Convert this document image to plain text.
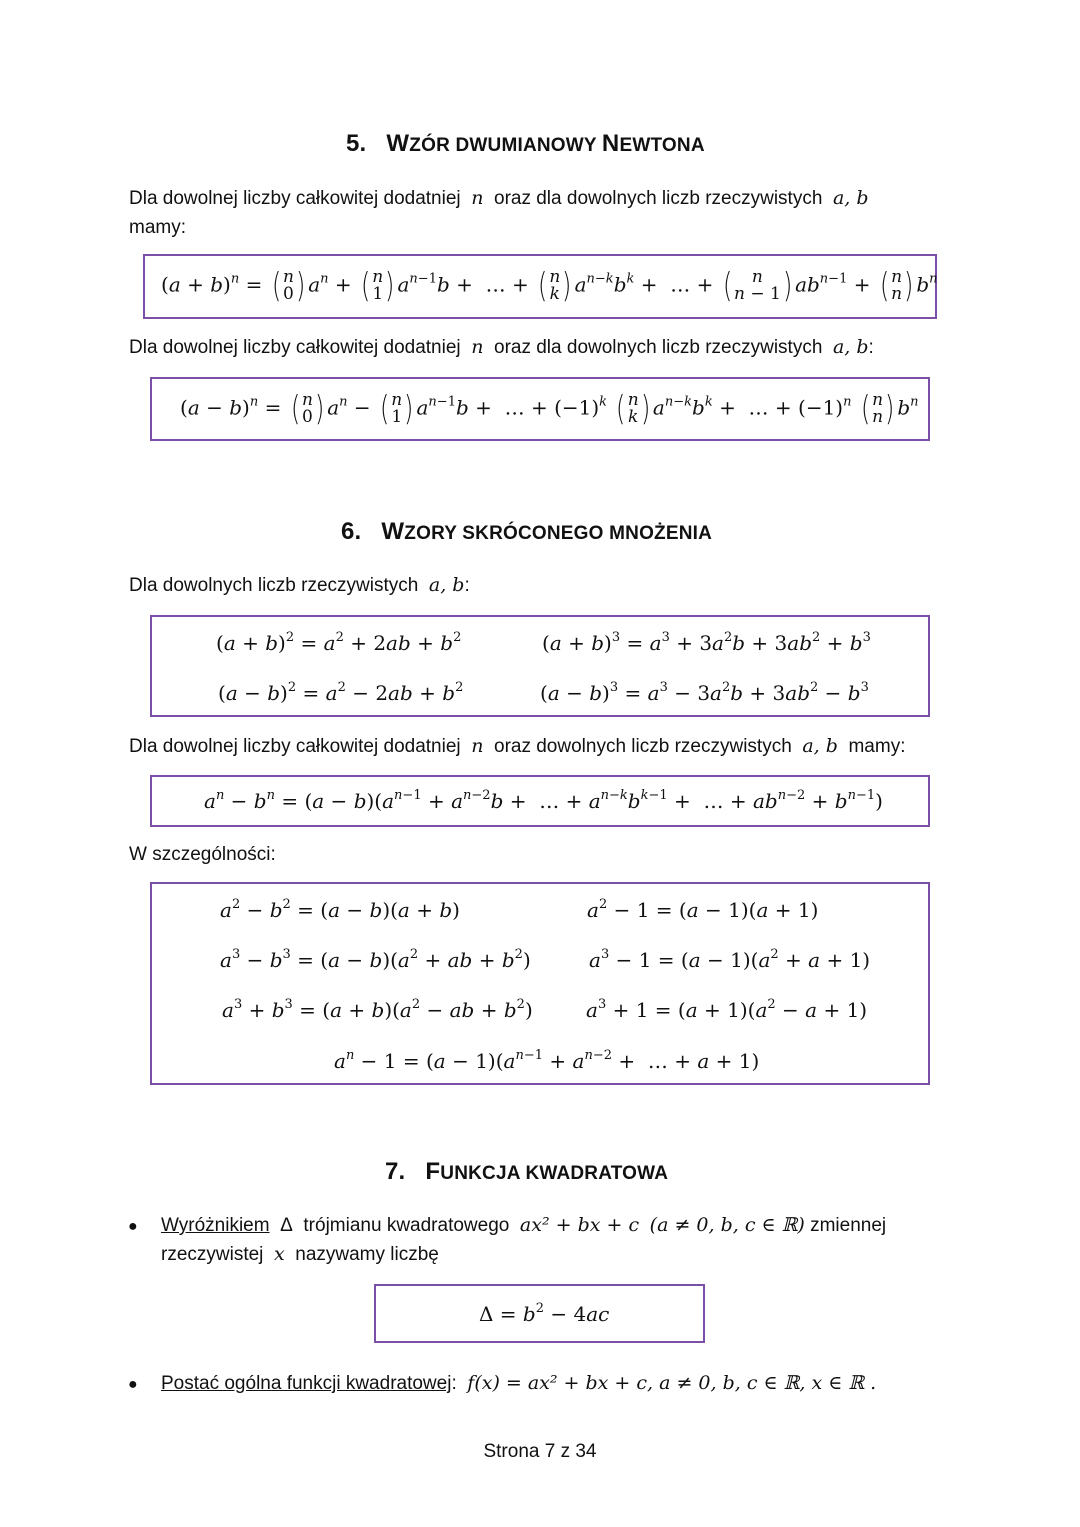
5. WZÓR DWUMIANOWY NEWTONA
Dla dowolnej liczby całkowitej dodatniej n oraz dla dowolnych liczb rzeczywistych a, b
mamy:
$(a + b)^n$ = ( n
0 ) $a^n$ + ( n
1 ) $a^{n-1}b$ +  … + ( n
k ) $a^{n-k}b^k$ +  … + ( n
n − 1 ) $ab^{n-1}$ + ( n
n ) $b^n$
Dla dowolnej liczby całkowitej dodatniej n oraz dla dowolnych liczb rzeczywistych a, b:
$(a - b)^n$ = ( n
0 ) $a^n$ − ( n
1 ) $a^{n-1}b$ +  … + $(-1)^k$ ( n
k ) $a^{n-k}b^k$ +  … + $(-1)^n$ ( n
n ) $b^n$
6. WZORY SKRÓCONEGO MNOŻENIA
Dla dowolnych liczb rzeczywistych a, b:
$(a + b)^2 = a^2 + 2ab + b^2$	$(a + b)^3 = a^3 + 3a^2b + 3ab^2 + b^3$
$(a - b)^2 = a^2 - 2ab + b^2$	$(a - b)^3 = a^3 - 3a^2b + 3ab^2 - b^3$
Dla dowolnej liczby całkowitej dodatniej n oraz dowolnych liczb rzeczywistych a, b mamy:
$a^n - b^n = (a - b)(a^{n-1} + a^{n-2}b$ +  … + $a^{n-k}b^{k-1}$ +  … + $ab^{n-2} + b^{n-1}$)
W szczególności:
$a^2 - b^2 = (a - b)(a + b)$	$a^2 - 1 = (a - 1)(a + 1)$
$a^3 - b^3 = (a - b)(a^2$ + ab + $b^2$)	$a^3 - 1 = (a - 1)(a^2 + a + 1)$
$a^3 + b^3 = (a + b)(a^2$ − ab + $b^2$)	$a^3 + 1 = (a + 1)(a^2 - a + 1)$
$a^n - 1 = (a - 1)(a^{n-1} + a^{n-2}$ +  … + a + 1)
7. FUNKCJA KWADRATOWA
● Wyróżnikiem Δ trójmianu kwadratowego ax² + bx + c (a ≠ 0, b, c ∈ ℝ) zmiennej
rzeczywistej x nazywamy liczbę
$\Delta = b^2 - 4ac$
● Postać ogólna funkcji kwadratowej: f(x) = ax² + bx + c, a ≠ 0, b, c ∈ ℝ, x ∈ ℝ .
Strona 7 z 34
